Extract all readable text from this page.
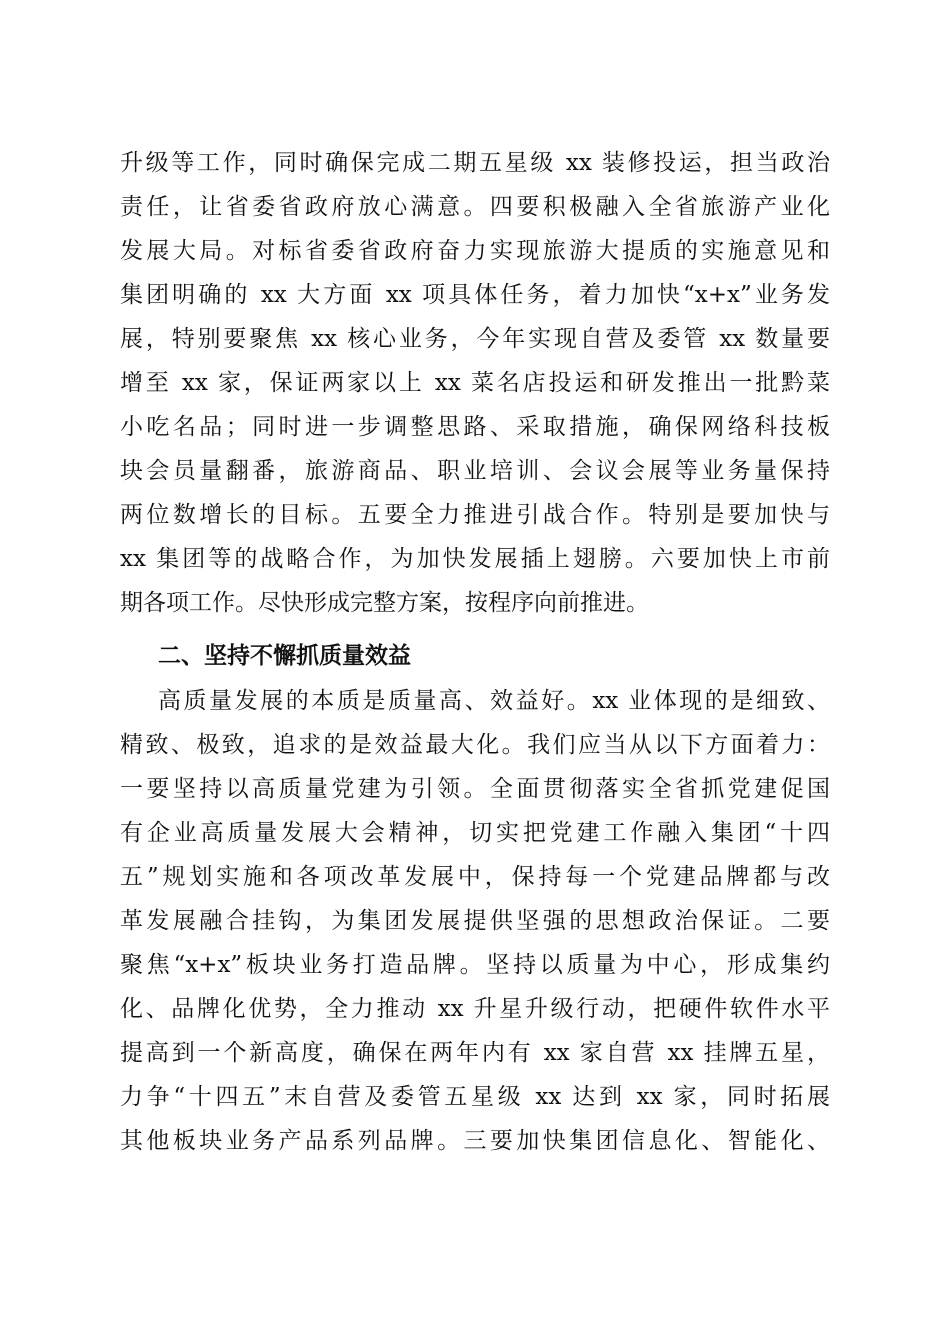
升级等工作，同时确保完成二期五星级 xx 装修投运，担当政治
责任，让省委省政府放心满意。四要积极融入全省旅游产业化
发展大局。对标省委省政府奋力实现旅游大提质的实施意见和
集团明确的 xx 大方面 xx 项具体任务，着力加快“x+x”业务发
展，特别要聚焦 xx 核心业务，今年实现自营及委管 xx 数量要
增至 xx 家，保证两家以上 xx 菜名店投运和研发推出一批黔菜
小吃名品；同时进一步调整思路、采取措施，确保网络科技板
块会员量翻番，旅游商品、职业培训、会议会展等业务量保持
两位数增长的目标。五要全力推进引战合作。特别是要加快与
xx 集团等的战略合作，为加快发展插上翅膀。六要加快上市前
期各项工作。尽快形成完整方案，按程序向前推进。
二、坚持不懈抓质量效益
高质量发展的本质是质量高、效益好。xx 业体现的是细致、
精致、极致，追求的是效益最大化。我们应当从以下方面着力：
一要坚持以高质量党建为引领。全面贯彻落实全省抓党建促国
有企业高质量发展大会精神，切实把党建工作融入集团“十四
五”规划实施和各项改革发展中，保持每一个党建品牌都与改
革发展融合挂钩，为集团发展提供坚强的思想政治保证。二要
聚焦“x+x”板块业务打造品牌。坚持以质量为中心，形成集约
化、品牌化优势，全力推动 xx 升星升级行动，把硬件软件水平
提高到一个新高度，确保在两年内有 xx 家自营 xx 挂牌五星，
力争“十四五”末自营及委管五星级 xx 达到 xx 家，同时拓展
其他板块业务产品系列品牌。三要加快集团信息化、智能化、
